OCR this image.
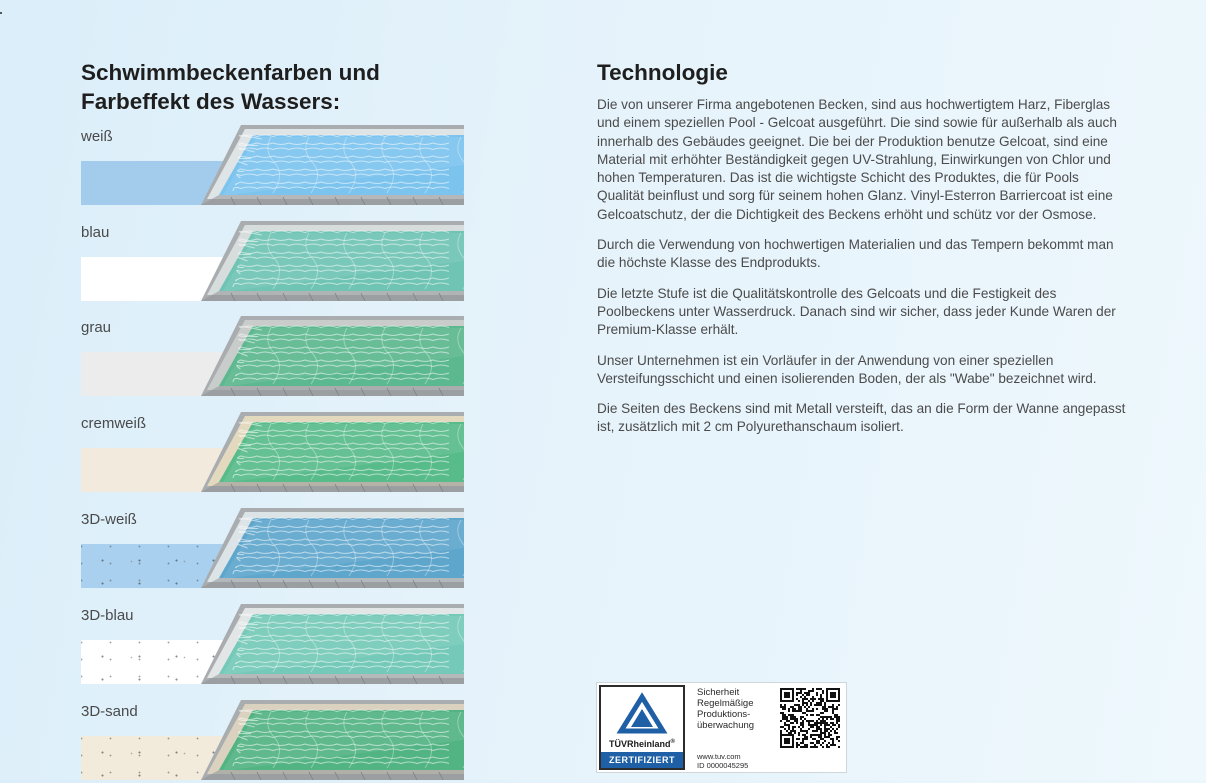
Schwimmbeckenfarben und
Farbeffekt des Wassers:
weiß
blau
grau
cremweiß
3D-weiß
3D-blau
3D-sand
Technologie

Die von unserer Firma angebotenen Becken, sind aus hochwertigtem Harz, Fiberglas und einem speziellen Pool - Gelcoat ausgeführt. Die sind sowie für außerhalb als auch innerhalb des Gebäudes geeignet. Die bei der Produktion benutze Gelcoat, sind eine Material mit erhöhter Beständigkeit gegen UV-Strahlung, Einwirkungen von Chlor und hohen Temperaturen. Das ist die wichtigste Schicht des Produktes, die für Pools Qualität beinflust und sorg für seinem hohen Glanz. Vinyl-Esterron Barriercoat ist eine Gelcoatschutz, der die Dichtigkeit des Beckens erhöht und schütz vor der Osmose.

Durch die Verwendung von hochwertigen Materialien und das Tempern bekommt man die höchste Klasse des Endprodukts.

Die letzte Stufe ist die Qualitätskontrolle des Gelcoats und die Festigkeit des Poolbeckens unter Wasserdruck. Danach sind wir sicher, dass jeder Kunde Waren der Premium-Klasse erhält.

Unser Unternehmen ist ein Vorläufer in der Anwendung von einer speziellen Versteifungsschicht und einen isolierenden Boden, der als "Wabe" bezeichnet wird.

Die Seiten des Beckens sind mit Metall versteift, das an die Form der Wanne angepasst ist, zusätzlich mit 2 cm Polyurethanschaum isoliert.

TÜVRheinland®
ZERTIFIZIERT
Sicherheit
Regelmäßige
Produktions-
überwachung
www.tuv.com
ID 0000045295
